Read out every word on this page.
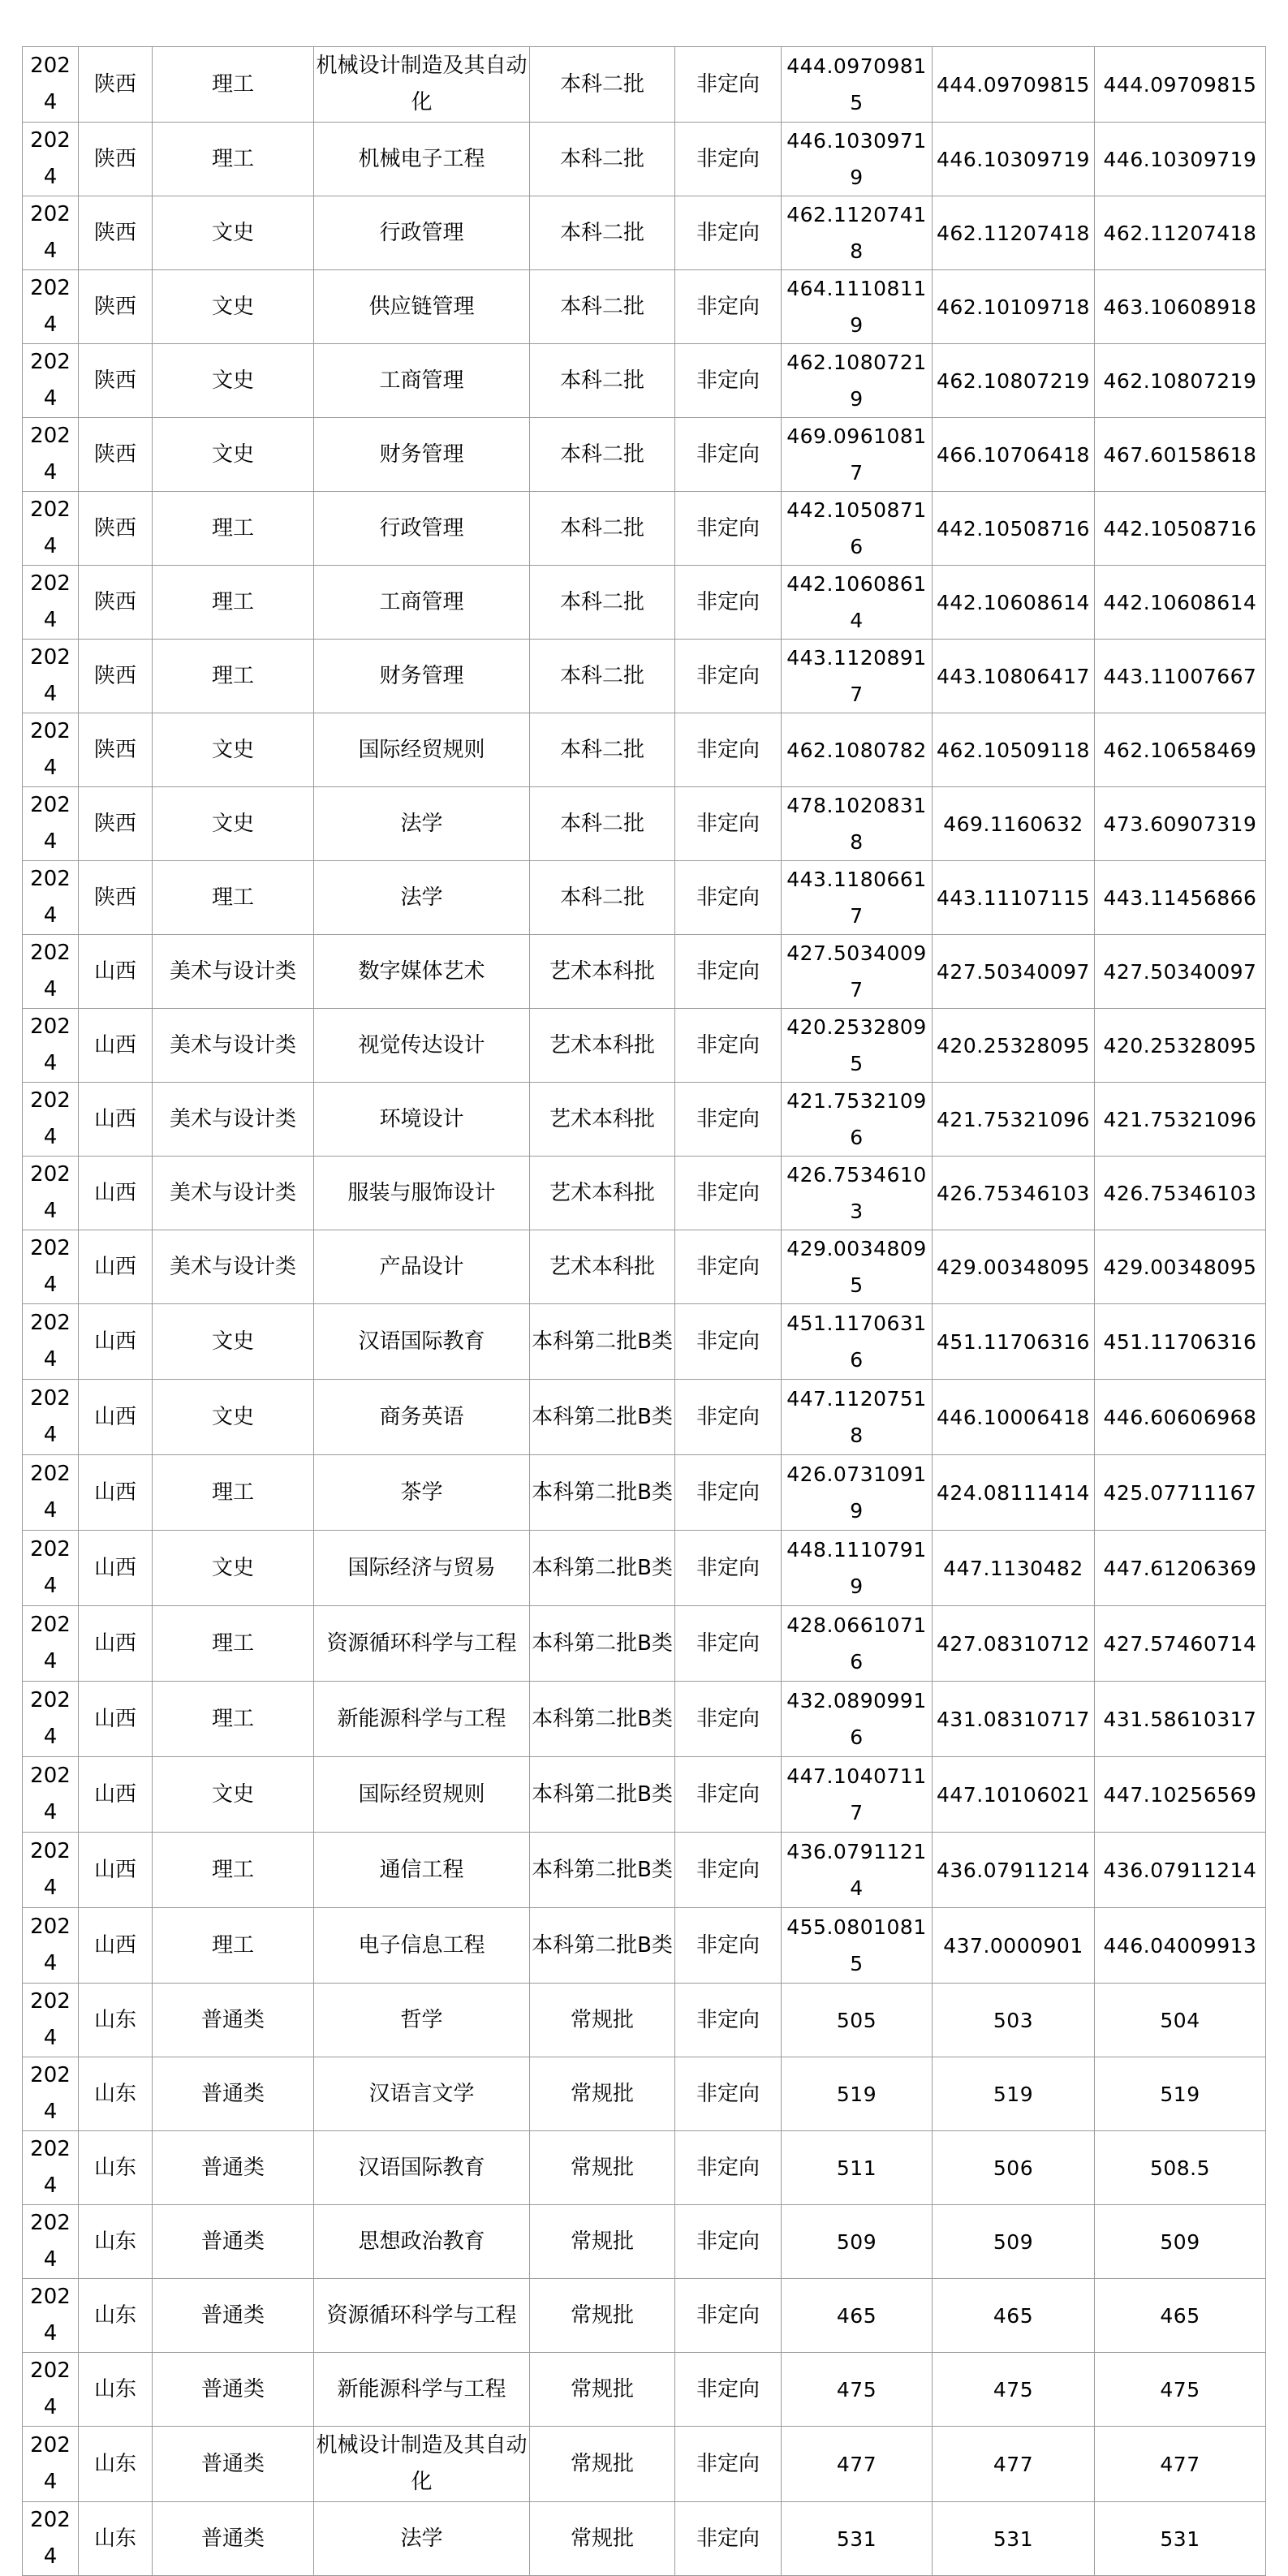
2024	陕西	理工	机械设计制造及其自动化	本科二批	非定向	444.09709815	444.09709815	444.09709815
2024	陕西	理工	机械电子工程	本科二批	非定向	446.10309719	446.10309719	446.10309719
2024	陕西	文史	行政管理	本科二批	非定向	462.11207418	462.11207418	462.11207418
2024	陕西	文史	供应链管理	本科二批	非定向	464.11108119	462.10109718	463.10608918
2024	陕西	文史	工商管理	本科二批	非定向	462.10807219	462.10807219	462.10807219
2024	陕西	文史	财务管理	本科二批	非定向	469.09610817	466.10706418	467.60158618
2024	陕西	理工	行政管理	本科二批	非定向	442.10508716	442.10508716	442.10508716
2024	陕西	理工	工商管理	本科二批	非定向	442.10608614	442.10608614	442.10608614
2024	陕西	理工	财务管理	本科二批	非定向	443.11208917	443.10806417	443.11007667
2024	陕西	文史	国际经贸规则	本科二批	非定向	462.1080782	462.10509118	462.10658469
2024	陕西	文史	法学	本科二批	非定向	478.10208318	469.1160632	473.60907319
2024	陕西	理工	法学	本科二批	非定向	443.11806617	443.11107115	443.11456866
2024	山西	美术与设计类	数字媒体艺术	艺术本科批	非定向	427.50340097	427.50340097	427.50340097
2024	山西	美术与设计类	视觉传达设计	艺术本科批	非定向	420.25328095	420.25328095	420.25328095
2024	山西	美术与设计类	环境设计	艺术本科批	非定向	421.75321096	421.75321096	421.75321096
2024	山西	美术与设计类	服装与服饰设计	艺术本科批	非定向	426.75346103	426.75346103	426.75346103
2024	山西	美术与设计类	产品设计	艺术本科批	非定向	429.00348095	429.00348095	429.00348095
2024	山西	文史	汉语国际教育	本科第二批B类	非定向	451.11706316	451.11706316	451.11706316
2024	山西	文史	商务英语	本科第二批B类	非定向	447.11207518	446.10006418	446.60606968
2024	山西	理工	茶学	本科第二批B类	非定向	426.07310919	424.08111414	425.07711167
2024	山西	文史	国际经济与贸易	本科第二批B类	非定向	448.11107919	447.1130482	447.61206369
2024	山西	理工	资源循环科学与工程	本科第二批B类	非定向	428.06610716	427.08310712	427.57460714
2024	山西	理工	新能源科学与工程	本科第二批B类	非定向	432.08909916	431.08310717	431.58610317
2024	山西	文史	国际经贸规则	本科第二批B类	非定向	447.10407117	447.10106021	447.10256569
2024	山西	理工	通信工程	本科第二批B类	非定向	436.07911214	436.07911214	436.07911214
2024	山西	理工	电子信息工程	本科第二批B类	非定向	455.08010815	437.0000901	446.04009913
2024	山东	普通类	哲学	常规批	非定向	505	503	504
2024	山东	普通类	汉语言文学	常规批	非定向	519	519	519
2024	山东	普通类	汉语国际教育	常规批	非定向	511	506	508.5
2024	山东	普通类	思想政治教育	常规批	非定向	509	509	509
2024	山东	普通类	资源循环科学与工程	常规批	非定向	465	465	465
2024	山东	普通类	新能源科学与工程	常规批	非定向	475	475	475
2024	山东	普通类	机械设计制造及其自动化	常规批	非定向	477	477	477
2024	山东	普通类	法学	常规批	非定向	531	531	531
